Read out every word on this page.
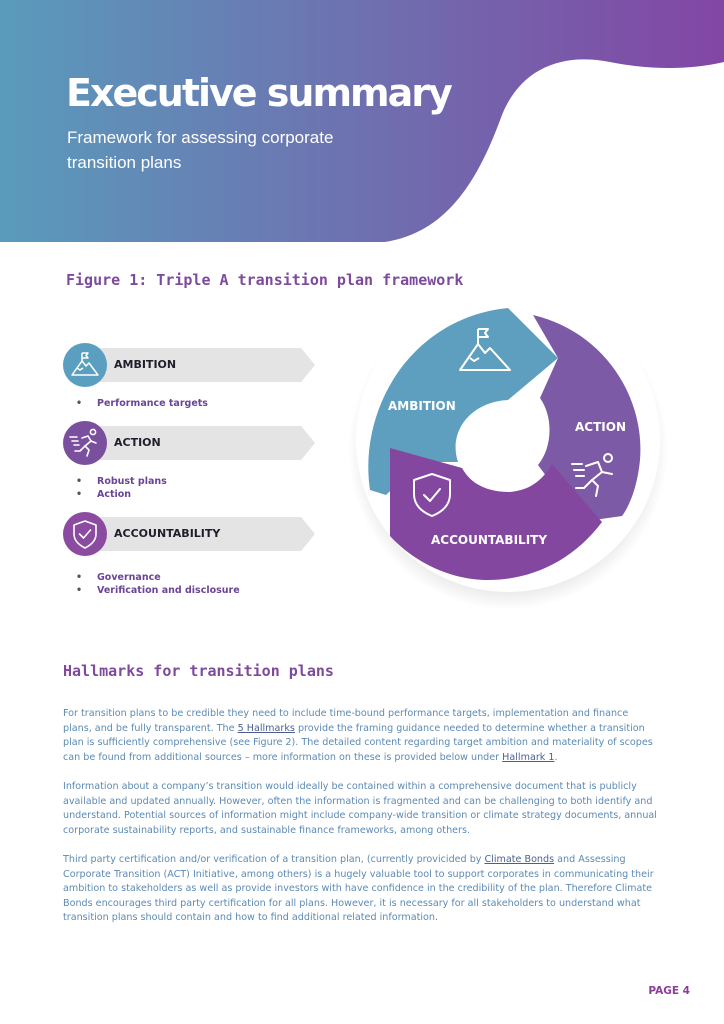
Executive summary

Framework for assessing corporate transition plans

Figure 1: Triple A transition plan framework
AMBITION
• Performance targets
ACTION
• Robust plans
• Action
ACCOUNTABILITY
• Governance
• Verification and disclosure
AMBITION
ACTION
ACCOUNTABILITY
Hallmarks for transition plans

For transition plans to be credible they need to include time-bound performance targets, implementation and finance plans, and be fully transparent. The 5 Hallmarks provide the framing guidance needed to determine whether a transition plan is sufficiently comprehensive (see Figure 2). The detailed content regarding target ambition and materiality of scopes can be found from additional sources – more information on these is provided below under Hallmark 1.

Information about a company’s transition would ideally be contained within a comprehensive document that is publicly available and updated annually. However, often the information is fragmented and can be challenging to both identify and understand. Potential sources of information might include company-wide transition or climate strategy documents, annual corporate sustainability reports, and sustainable finance frameworks, among others.

Third party certification and/or verification of a transition plan, (currently provicided by Climate Bonds and Assessing Corporate Transition (ACT) Initiative, among others) is a hugely valuable tool to support corporates in communicating their ambition to stakeholders as well as provide investors with have confidence in the credibility of the plan. Therefore Climate Bonds encourages third party certification for all plans. However, it is necessary for all stakeholders to understand what transition plans should contain and how to find additional related information.

PAGE 4
